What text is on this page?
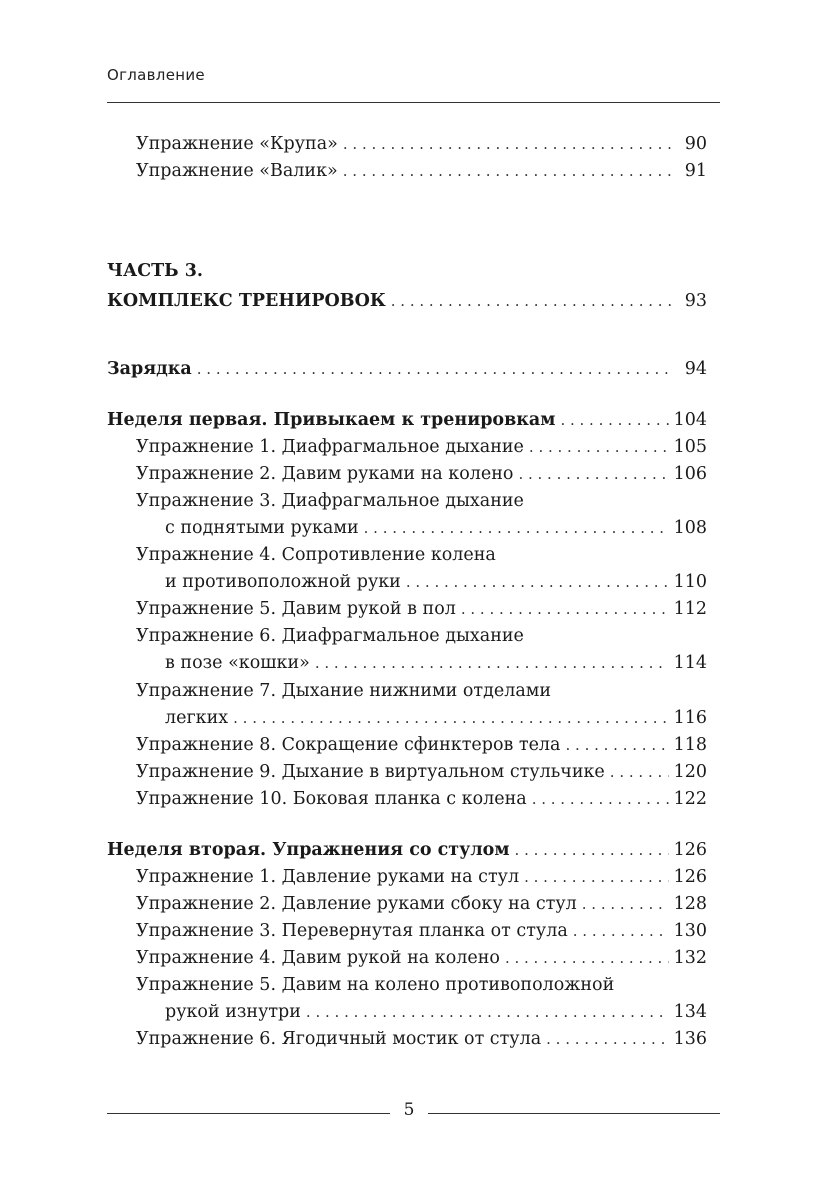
Оглавление
Упражнение «Крупа» . . .	90
Упражнение «Валик» . . .	91
ЧАСТЬ 3.
КОМПЛЕКС ТРЕНИРОВОК . . .	93
Зарядка . . .	94
Неделя первая. Привыкаем к тренировкам . . .	104
Упражнение 1. Диафрагмальное дыхание . . .	105
Упражнение 2. Давим руками на колено . . .	106
Упражнение 3. Диафрагмальное дыхание
с поднятыми руками . . .	108
Упражнение 4. Сопротивление колена
и противоположной руки . . .	110
Упражнение 5. Давим рукой в пол . . .	112
Упражнение 6. Диафрагмальное дыхание
в позе «кошки» . . .	114
Упражнение 7. Дыхание нижними отделами
легких . . .	116
Упражнение 8. Сокращение сфинктеров тела . . .	118
Упражнение 9. Дыхание в виртуальном стульчике . . .	120
Упражнение 10. Боковая планка с колена . . .	122
Неделя вторая. Упражнения со стулом . . .	126
Упражнение 1. Давление руками на стул . . .	126
Упражнение 2. Давление руками сбоку на стул . . .	128
Упражнение 3. Перевернутая планка от стула . . .	130
Упражнение 4. Давим рукой на колено . . .	132
Упражнение 5. Давим на колено противоположной
рукой изнутри . . .	134
Упражнение 6. Ягодичный мостик от стула . . .	136
5
